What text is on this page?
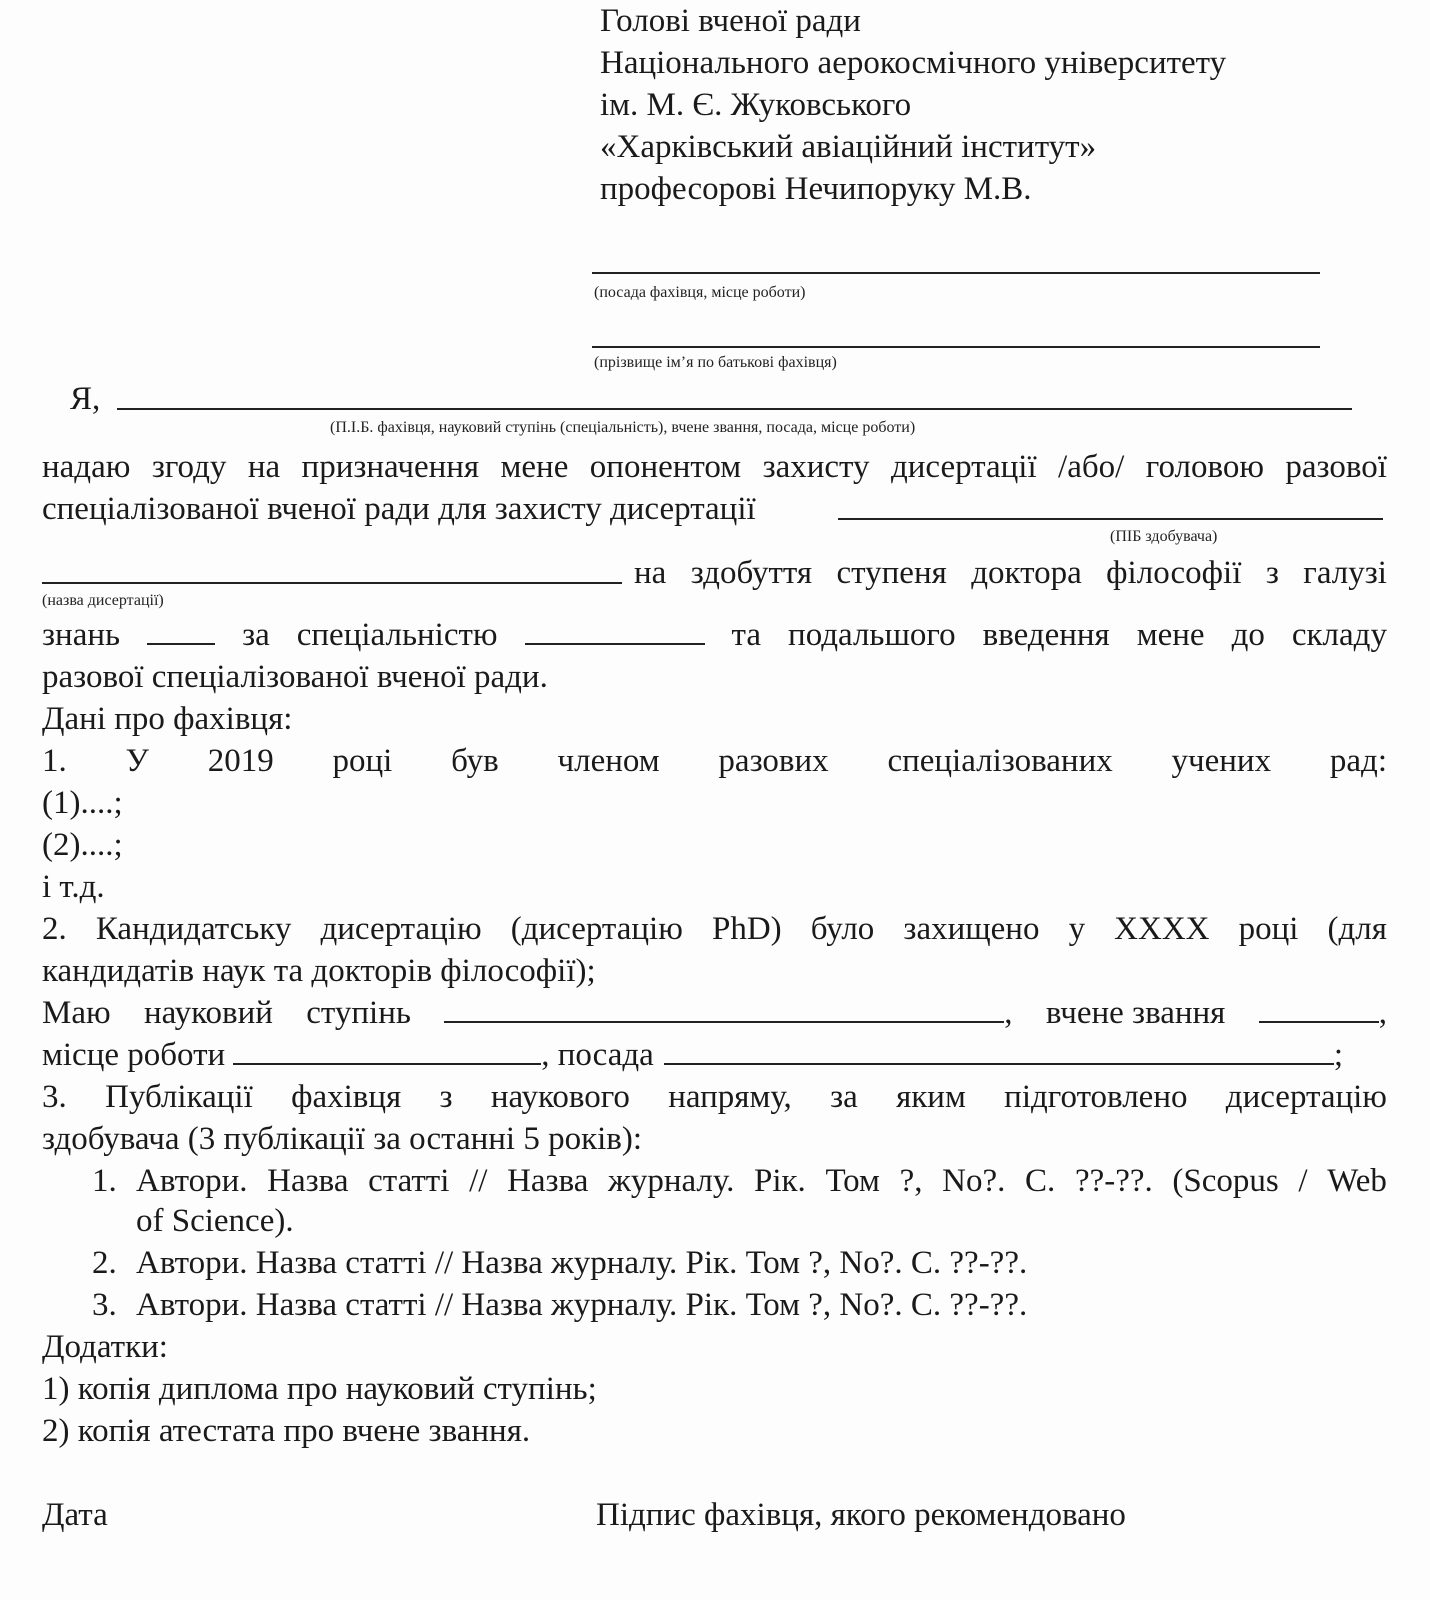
Голові вченої ради
Національного аерокосмічного університету
ім. М. Є. Жуковського
«Харківський авіаційний інститут»
професорові Нечипоруку М.В.
(посада фахівця, місце роботи)
(прізвище ім’я по батькові фахівця)
Я,
(П.І.Б. фахівця, науковий ступінь (спеціальність), вчене звання, посада, місце роботи)
надаю згоду на призначення мене опонентом захисту дисертації /або/ головою разової
спеціалізованої вченої ради для захисту дисертації
(ПІБ здобувача)
на здобуття ступеня доктора філософії з галузі
(назва дисертації)
знань	за спеціальністю	та подальшого введення мене до складу
разової спеціалізованої вченої ради.
Дані про фахівця:
1. У 2019 році був членом разових спеціалізованих учених рад:
(1)....;
(2)....;
і т.д.
2. Кандидатську дисертацію (дисертацію PhD) було захищено у XXXX році (для
кандидатів наук та докторів філософії);
Маю науковий ступінь	, вчене звання	,
місце роботи	, посада	;
3. Публікації фахівця з наукового напряму, за яким підготовлено дисертацію
здобувача (3 публікації за останні 5 років):
1. Автори. Назва статті // Назва журналу. Рік. Том ?, No?. С. ??-??. (Scopus / Web
of Science).
2. Автори. Назва статті // Назва журналу. Рік. Том ?, No?. С. ??-??.
3. Автори. Назва статті // Назва журналу. Рік. Том ?, No?. С. ??-??.
Додатки:
1) копія диплома про науковий ступінь;
2) копія атестата про вчене звання.
Дата	Підпис фахівця, якого рекомендовано
